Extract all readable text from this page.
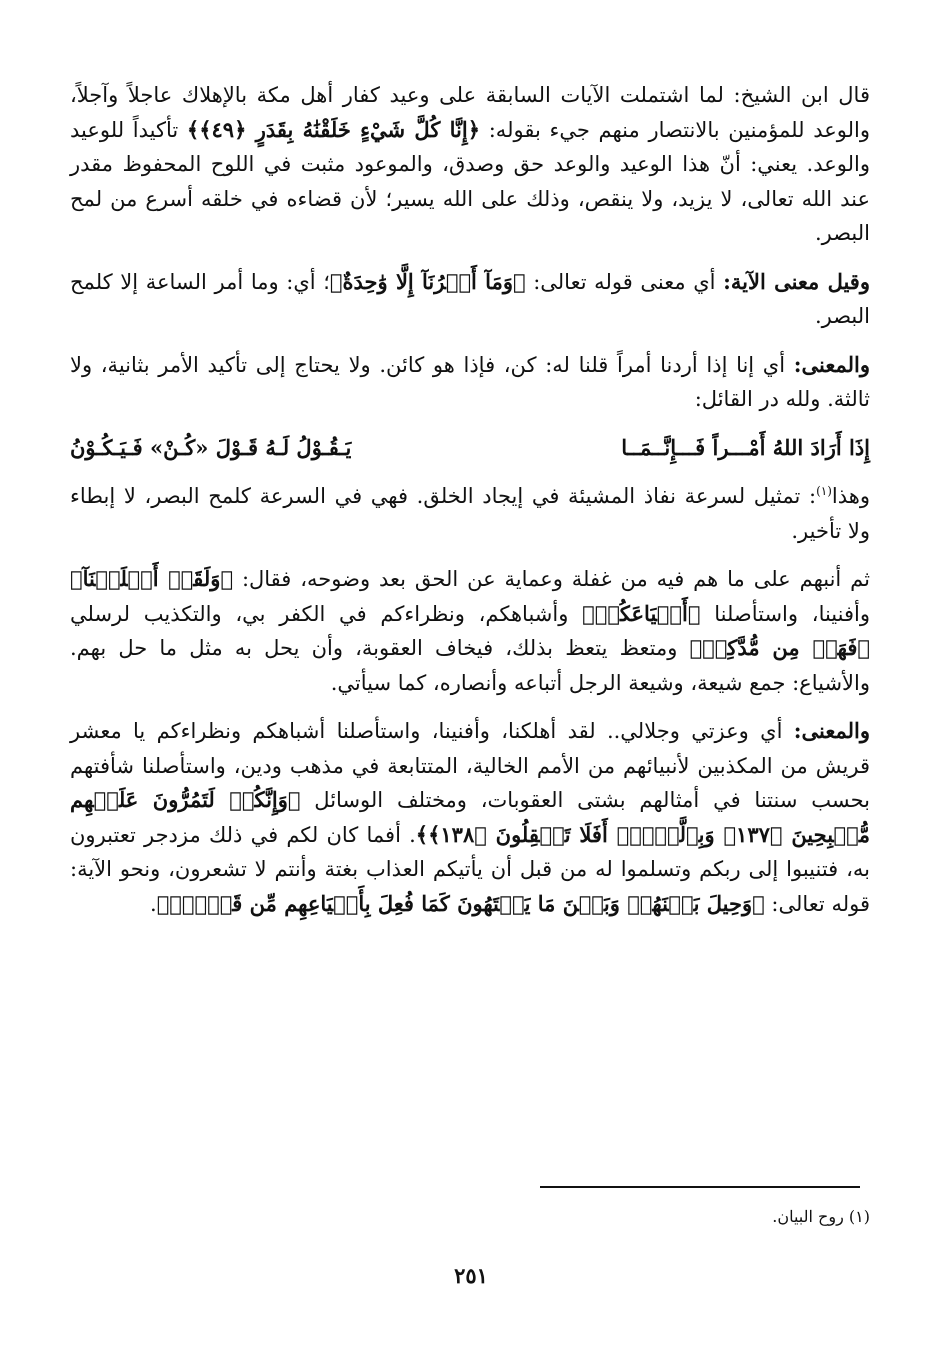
قال ابن الشيخ: لما اشتملت الآيات السابقة على وعيد كفار أهل مكة بالإهلاك عاجلاً وآجلاً، والوعد للمؤمنين بالانتصار منهم جيء بقوله: ﴿إِنَّا كُلَّ شَيْءٍ خَلَقْنَٰهُ بِقَدَرٍ ﴿٤٩﴾﴾ تأكيداً للوعيد والوعد. يعني: أنّ هذا الوعيد والوعد حق وصدق، والموعود مثبت في اللوح المحفوظ مقدر عند الله تعالى، لا يزيد، ولا ينقص، وذلك على الله يسير؛ لأن قضاءه في خلقه أسرع من لمح البصر.

وقيل معنى الآية: أي معنى قوله تعالى: ﴿وَمَآ أَمۡرُنَآ إِلَّا وَٰحِدَةٌ﴾؛ أي: وما أمر الساعة إلا كلمح البصر.

والمعنى: أي إنا إذا أردنا أمراً قلنا له: كن، فإذا هو كائن. ولا يحتاج إلى تأكيد الأمر بثانية، ولا ثالثة. ولله در القائل:

إِذَا أَرَادَ اللهُ أَمْـــراً فَـــإِنَّــمَــا
يَـقُـوْلُ لَـهُ قَـوْلَ «كُـنْ» فَـيَـكُـوْنُ

وهذا$^{(١)}$: تمثيل لسرعة نفاذ المشيئة في إيجاد الخلق. فهي في السرعة كلمح البصر، لا إبطاء ولا تأخير.

ثم أنبهم على ما هم فيه من غفلة وعماية عن الحق بعد وضوحه، فقال: ﴿وَلَقَدۡ أَهۡلَكۡنَآ﴾ وأفنينا، واستأصلنا ﴿أَشۡيَاعَكُمۡ﴾ وأشباهكم، ونظراءكم في الكفر بي، والتكذيب لرسلي ﴿فَهَلۡ مِن مُّدَّكِرٖ﴾ ومتعظ يتعظ بذلك، فيخاف العقوبة، وأن يحل به مثل ما حل بهم. والأشياع: جمع شيعة، وشيعة الرجل أتباعه وأنصاره، كما سيأتي.

والمعنى: أي وعزتي وجلالي.. لقد أهلكنا، وأفنينا، واستأصلنا أشباهكم ونظراءكم يا معشر قريش من المكذبين لأنبيائهم من الأمم الخالية، المتتابعة في مذهب ودين، واستأصلنا شأفتهم بحسب سنتنا في أمثالهم بشتى العقوبات، ومختلف الوسائل ﴿وَإِنَّكُمۡ لَتَمُرُّونَ عَلَيۡهِم مُّصۡبِحِينَ ﴿١٣٧﴾ وَبِٱلَّيۡلِۚ أَفَلَا تَعۡقِلُونَ ﴿١٣٨﴾﴾. أفما كان لكم في ذلك مزدجر تعتبرون به، فتنيبوا إلى ربكم وتسلموا له من قبل أن يأتيكم العذاب بغتة وأنتم لا تشعرون، ونحو الآية: قوله تعالى: ﴿وَحِيلَ بَيۡنَهُمۡ وَبَيۡنَ مَا يَشۡتَهُونَ كَمَا فُعِلَ بِأَشۡيَاعِهِم مِّن قَبۡلُۚ﴾.

(١) روح البيان.
٢٥١
